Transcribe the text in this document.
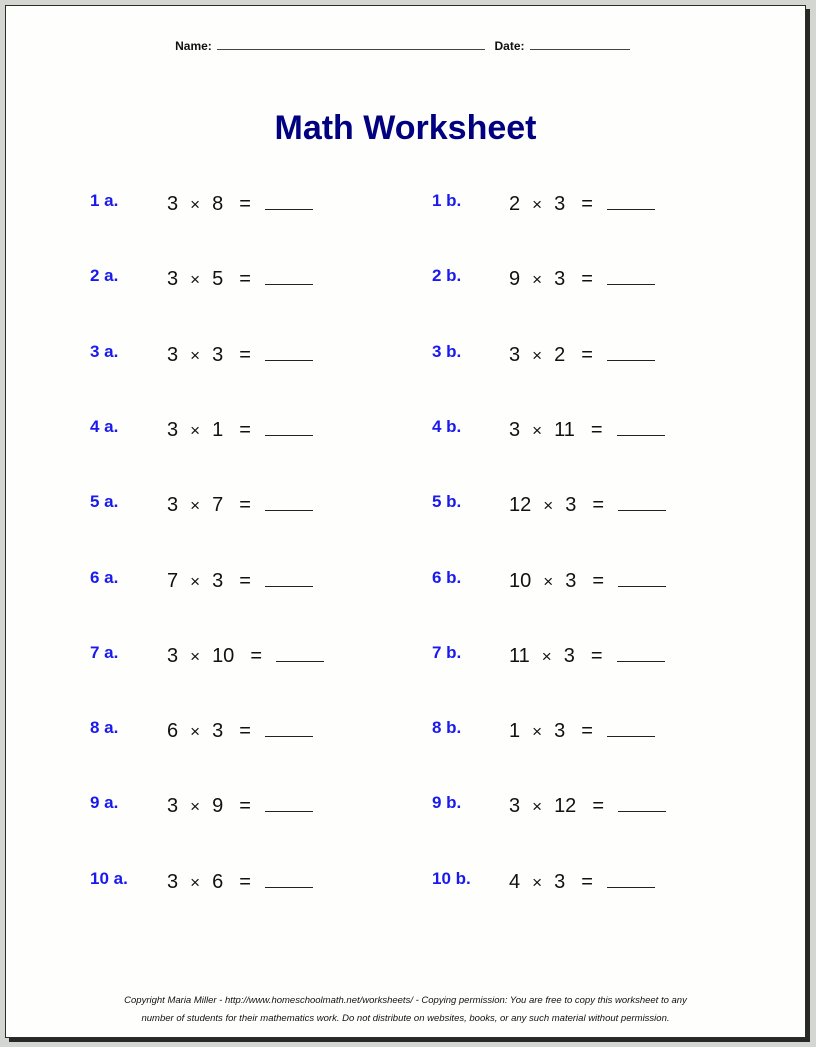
Name:	Date:
Math Worksheet
1 a. 3 × 8 =
2 a. 3 × 5 =
3 a. 3 × 3 =
4 a. 3 × 1 =
5 a. 3 × 7 =
6 a. 7 × 3 =
7 a. 3 × 10 =
8 a. 6 × 3 =
9 a. 3 × 9 =
10 a. 3 × 6 =
1 b. 2 × 3 =
2 b. 9 × 3 =
3 b. 3 × 2 =
4 b. 3 × 11 =
5 b. 12 × 3 =
6 b. 10 × 3 =
7 b. 11 × 3 =
8 b. 1 × 3 =
9 b. 3 × 12 =
10 b. 4 × 3 =
Copyright Maria Miller - http://www.homeschoolmath.net/worksheets/ - Copying permission: You are free to copy this worksheet to any
number of students for their mathematics work. Do not distribute on websites, books, or any such material without permission.
